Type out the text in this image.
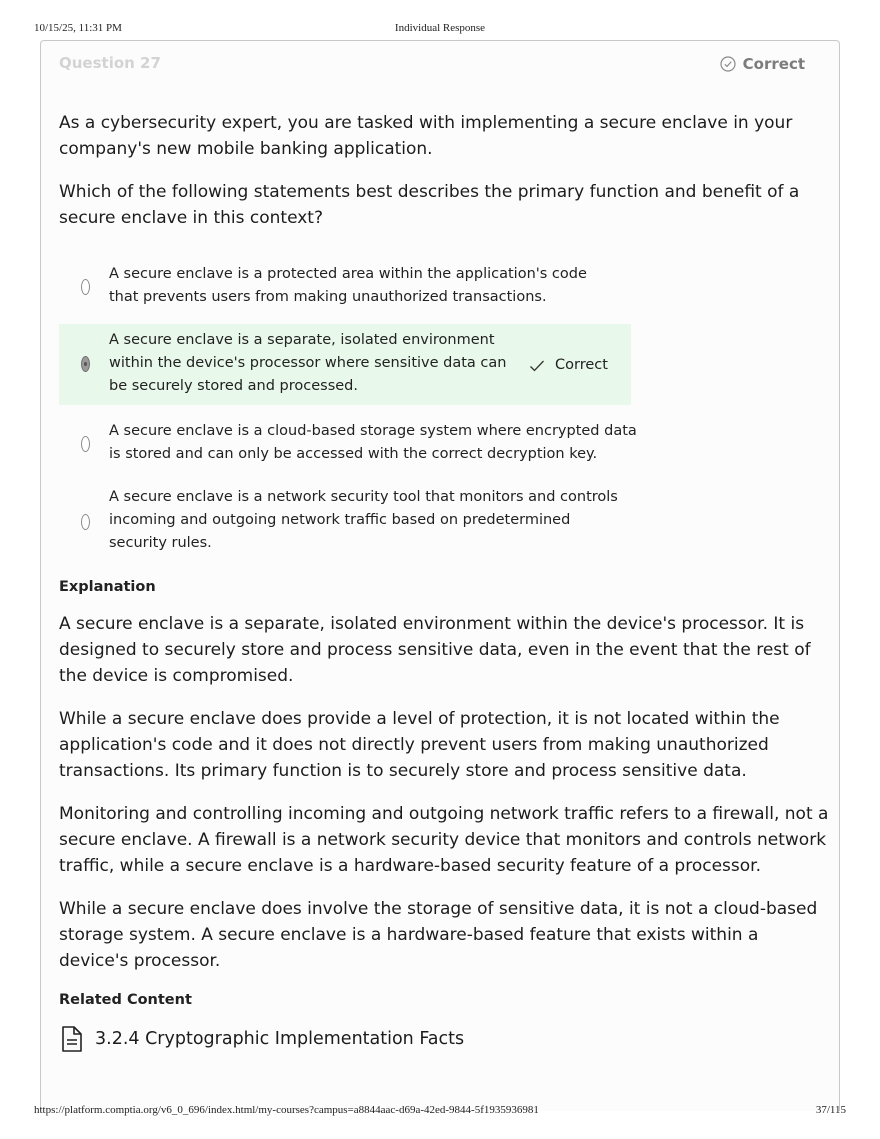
10/15/25, 11:31 PM	Individual Response
Question 27	Correct
As a cybersecurity expert, you are tasked with implementing a secure enclave in your company's new mobile banking application.
Which of the following statements best describes the primary function and benefit of a secure enclave in this context?
A secure enclave is a protected area within the application's code that prevents users from making unauthorized transactions.
A secure enclave is a separate, isolated environment within the device's processor where sensitive data can be securely stored and processed.
Correct
A secure enclave is a cloud-based storage system where encrypted data is stored and can only be accessed with the correct decryption key.
A secure enclave is a network security tool that monitors and controls incoming and outgoing network traffic based on predetermined security rules.
Explanation
A secure enclave is a separate, isolated environment within the device's processor. It is designed to securely store and process sensitive data, even in the event that the rest of the device is compromised.
While a secure enclave does provide a level of protection, it is not located within the application's code and it does not directly prevent users from making unauthorized transactions. Its primary function is to securely store and process sensitive data.
Monitoring and controlling incoming and outgoing network traffic refers to a firewall, not a secure enclave. A firewall is a network security device that monitors and controls network traffic, while a secure enclave is a hardware-based security feature of a processor.
While a secure enclave does involve the storage of sensitive data, it is not a cloud-based storage system. A secure enclave is a hardware-based feature that exists within a device's processor.
Related Content
3.2.4 Cryptographic Implementation Facts
https://platform.comptia.org/v6_0_696/index.html/my-courses?campus=a8844aac-d69a-42ed-9844-5f1935936981	37/115
